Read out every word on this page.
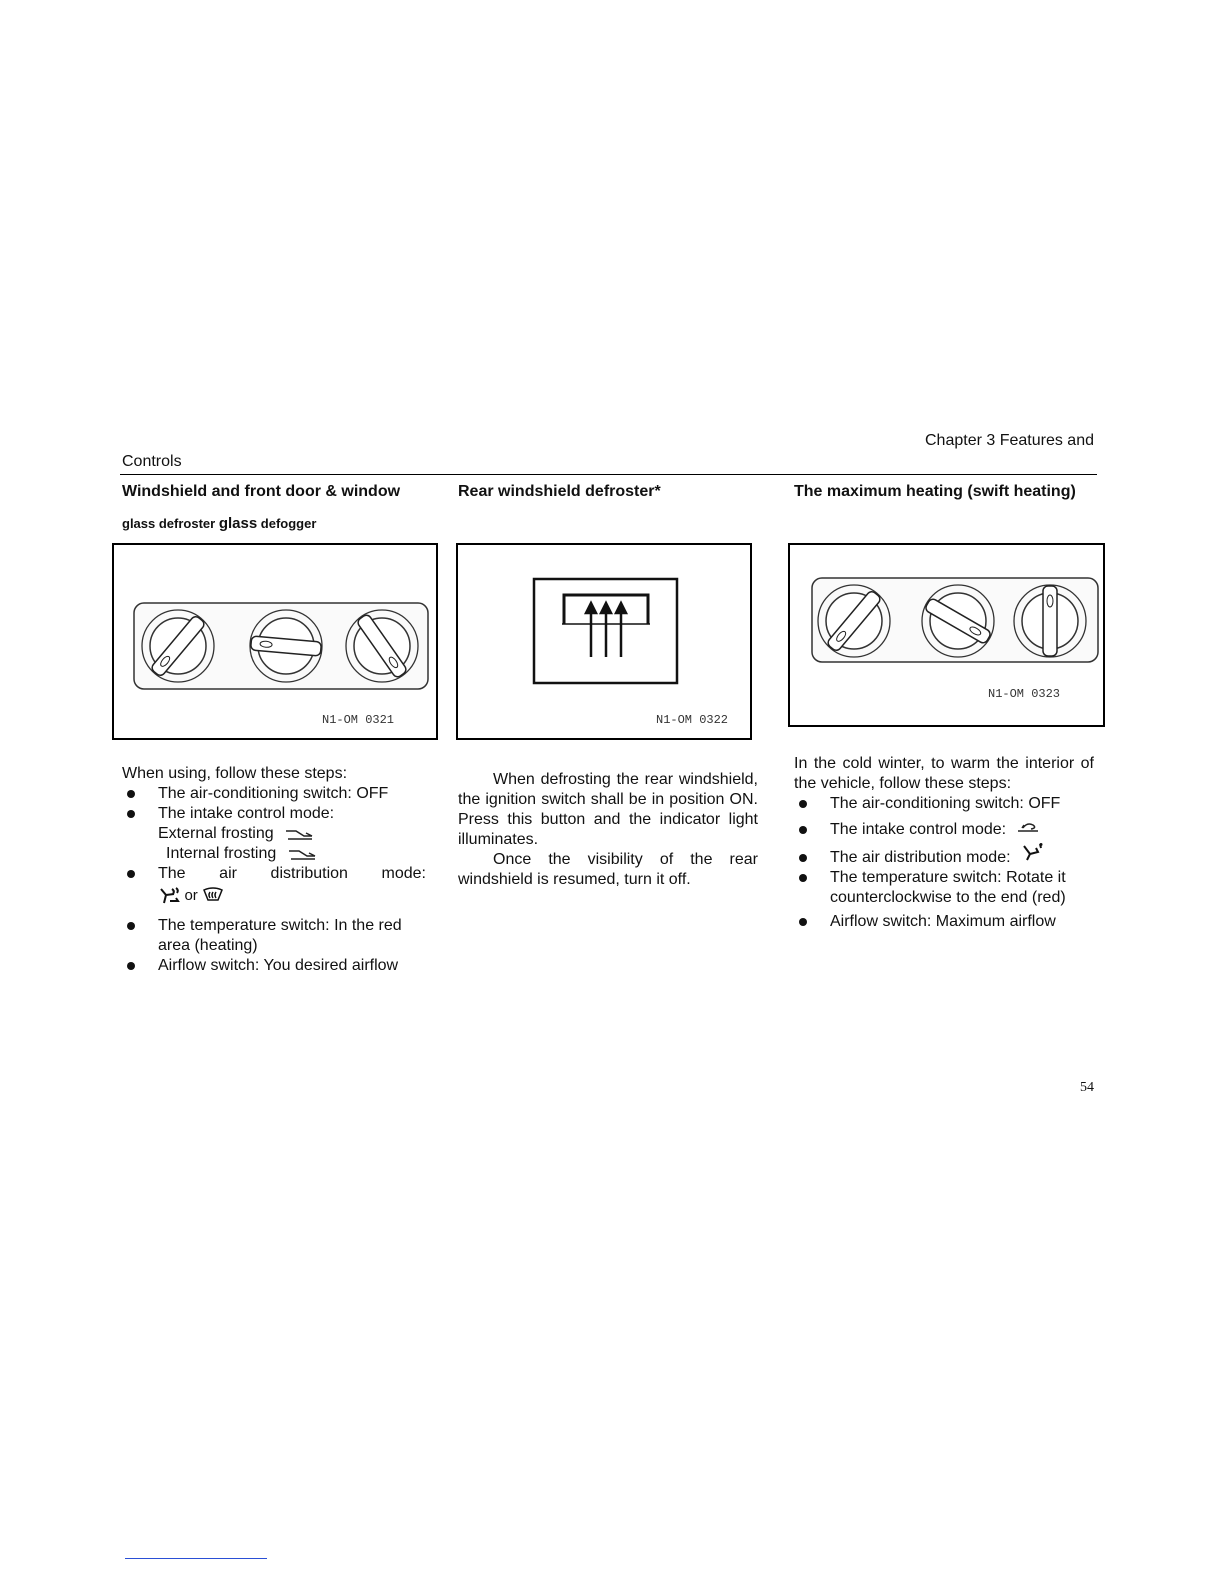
Chapter 3 Features and
Controls
Windshield and front door & window
glass defroster glass defogger
N1-OM 0321
When using, follow these steps:
The air-conditioning switch: OFF
The intake control mode:
External frosting
Internal frosting
The air distribution mode:
or
The temperature switch: In the red area (heating)
Airflow switch: You desired airflow
Rear windshield defroster*
N1-OM 0322
When defrosting the rear windshield, the ignition switch shall be in position ON. Press this button and the indicator light illuminates.
Once the visibility of the rear windshield is resumed, turn it off.
The maximum heating (swift heating)
N1-OM 0323
In the cold winter, to warm the interior of the vehicle, follow these steps:
The air-conditioning switch: OFF
The intake control mode:
The air distribution mode:
The temperature switch: Rotate it counterclockwise to the end (red)
Airflow switch: Maximum airflow
54
